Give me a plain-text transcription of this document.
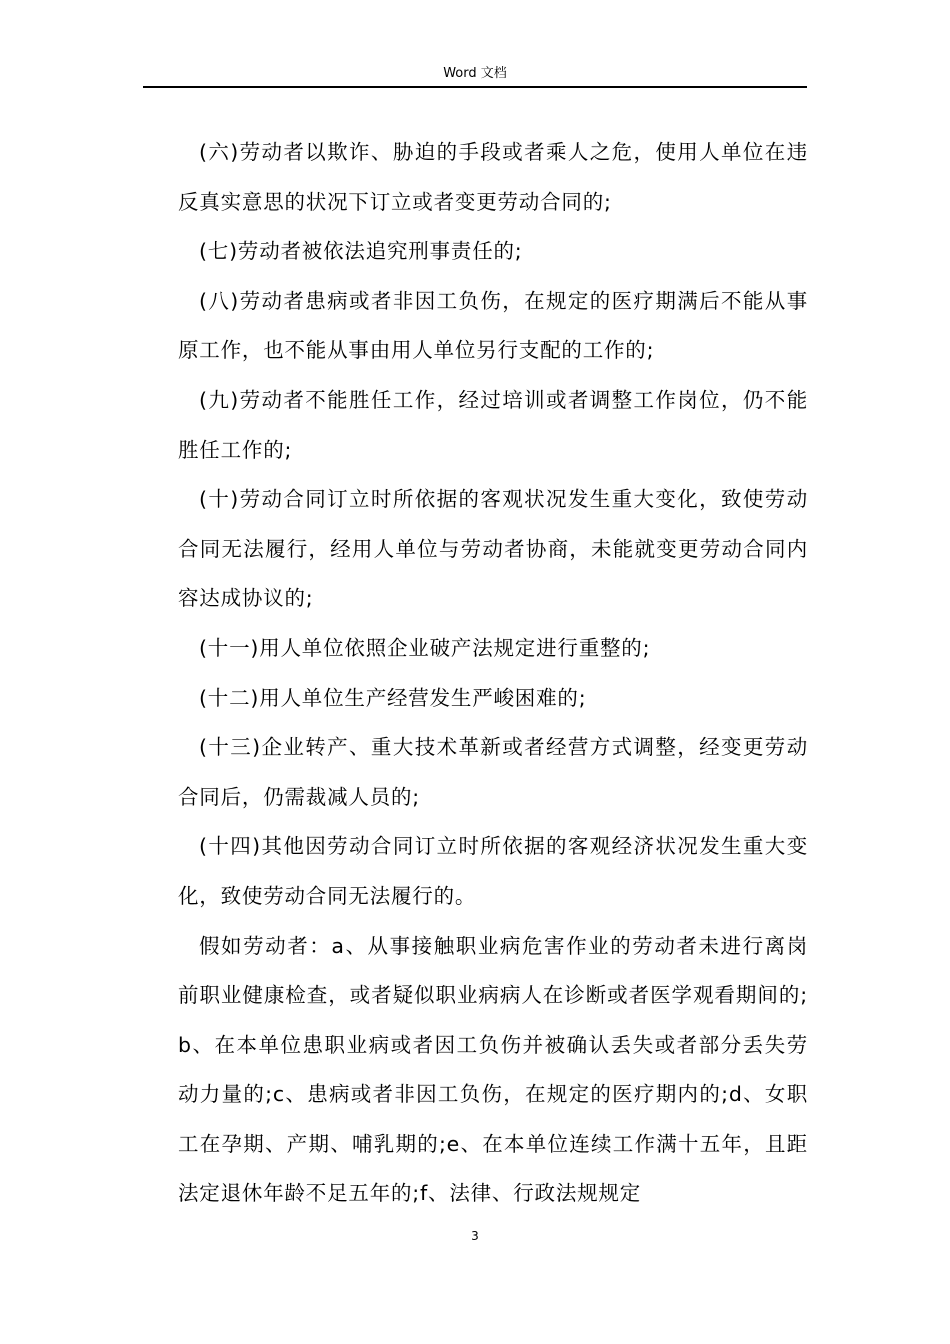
Word 文档

(六)劳动者以欺诈、胁迫的手段或者乘人之危，使用人单位在违反真实意思的状况下订立或者变更劳动合同的;

(七)劳动者被依法追究刑事责任的;

(八)劳动者患病或者非因工负伤，在规定的医疗期满后不能从事原工作，也不能从事由用人单位另行支配的工作的;

(九)劳动者不能胜任工作，经过培训或者调整工作岗位，仍不能胜任工作的;

(十)劳动合同订立时所依据的客观状况发生重大变化，致使劳动合同无法履行，经用人单位与劳动者协商，未能就变更劳动合同内容达成协议的;

(十一)用人单位依照企业破产法规定进行重整的;

(十二)用人单位生产经营发生严峻困难的;

(十三)企业转产、重大技术革新或者经营方式调整，经变更劳动合同后，仍需裁减人员的;

(十四)其他因劳动合同订立时所依据的客观经济状况发生重大变化，致使劳动合同无法履行的。

假如劳动者：a、从事接触职业病危害作业的劳动者未进行离岗前职业健康检查，或者疑似职业病病人在诊断或者医学观看期间的;b、在本单位患职业病或者因工负伤并被确认丢失或者部分丢失劳动力量的;c、患病或者非因工负伤，在规定的医疗期内的;d、女职工在孕期、产期、哺乳期的;e、在本单位连续工作满十五年，且距法定退休年龄不足五年的;f、法律、行政法规规定

3
